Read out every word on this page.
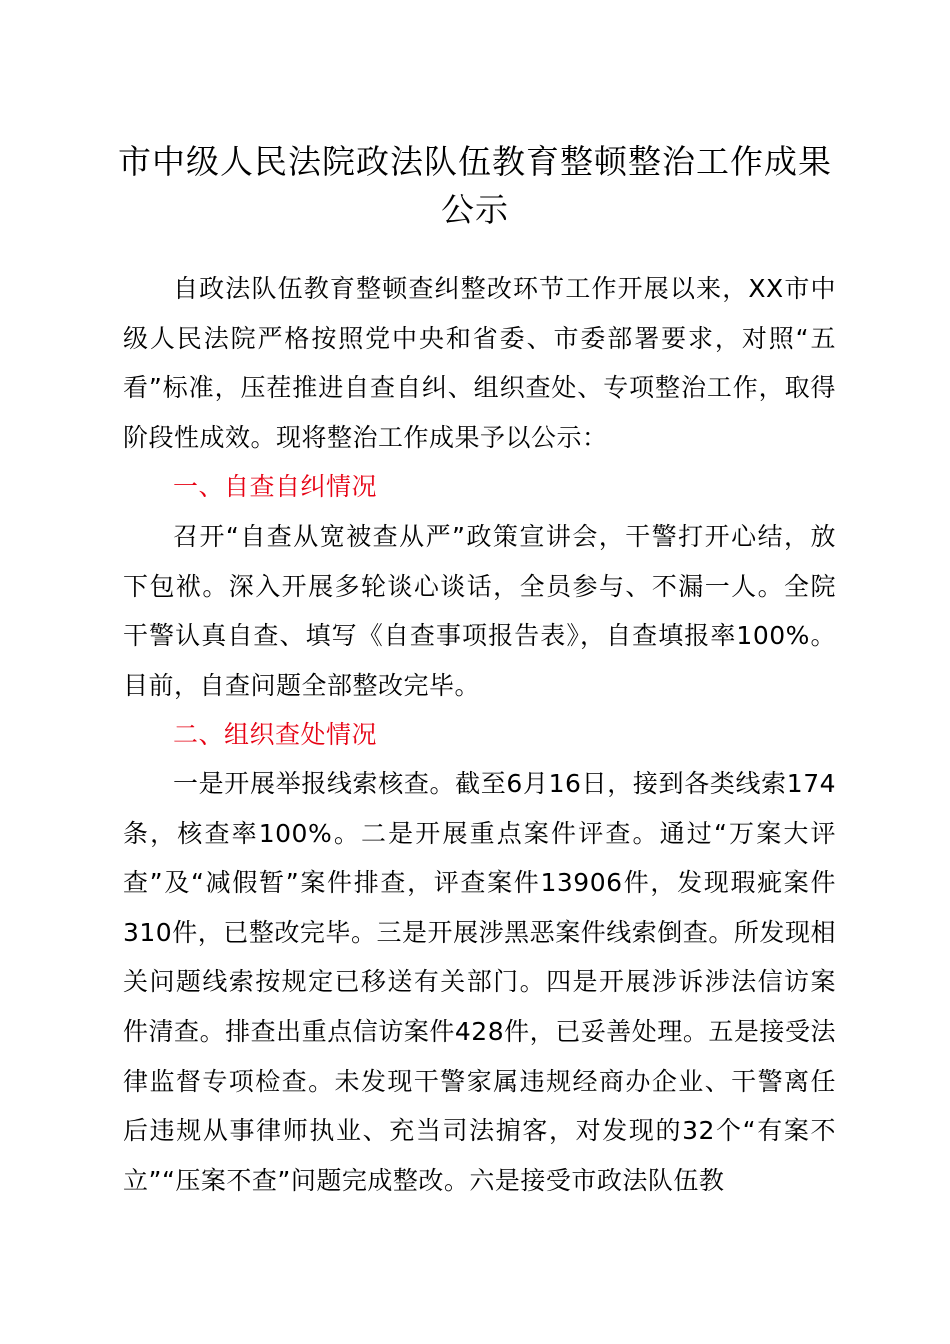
市中级人民法院政法队伍教育整顿整治工作成果公示

自政法队伍教育整顿查纠整改环节工作开展以来，XX市中级人民法院严格按照党中央和省委、市委部署要求，对照“五看”标准，压茬推进自查自纠、组织查处、专项整治工作，取得阶段性成效。现将整治工作成果予以公示：

一、自查自纠情况

召开“自查从宽被查从严”政策宣讲会，干警打开心结，放下包袱。深入开展多轮谈心谈话，全员参与、不漏一人。全院干警认真自查、填写《自查事项报告表》，自查填报率100%。目前，自查问题全部整改完毕。

二、组织查处情况

一是开展举报线索核查。截至6月16日，接到各类线索174条，核查率100%。二是开展重点案件评查。通过“万案大评查”及“减假暂”案件排查，评查案件13906件，发现瑕疵案件310件，已整改完毕。三是开展涉黑恶案件线索倒查。所发现相关问题线索按规定已移送有关部门。四是开展涉诉涉法信访案件清查。排查出重点信访案件428件，已妥善处理。五是接受法律监督专项检查。未发现干警家属违规经商办企业、干警离任后违规从事律师执业、充当司法掮客，对发现的32个“有案不立”“压案不查”问题完成整改。六是接受市政法队伍教
